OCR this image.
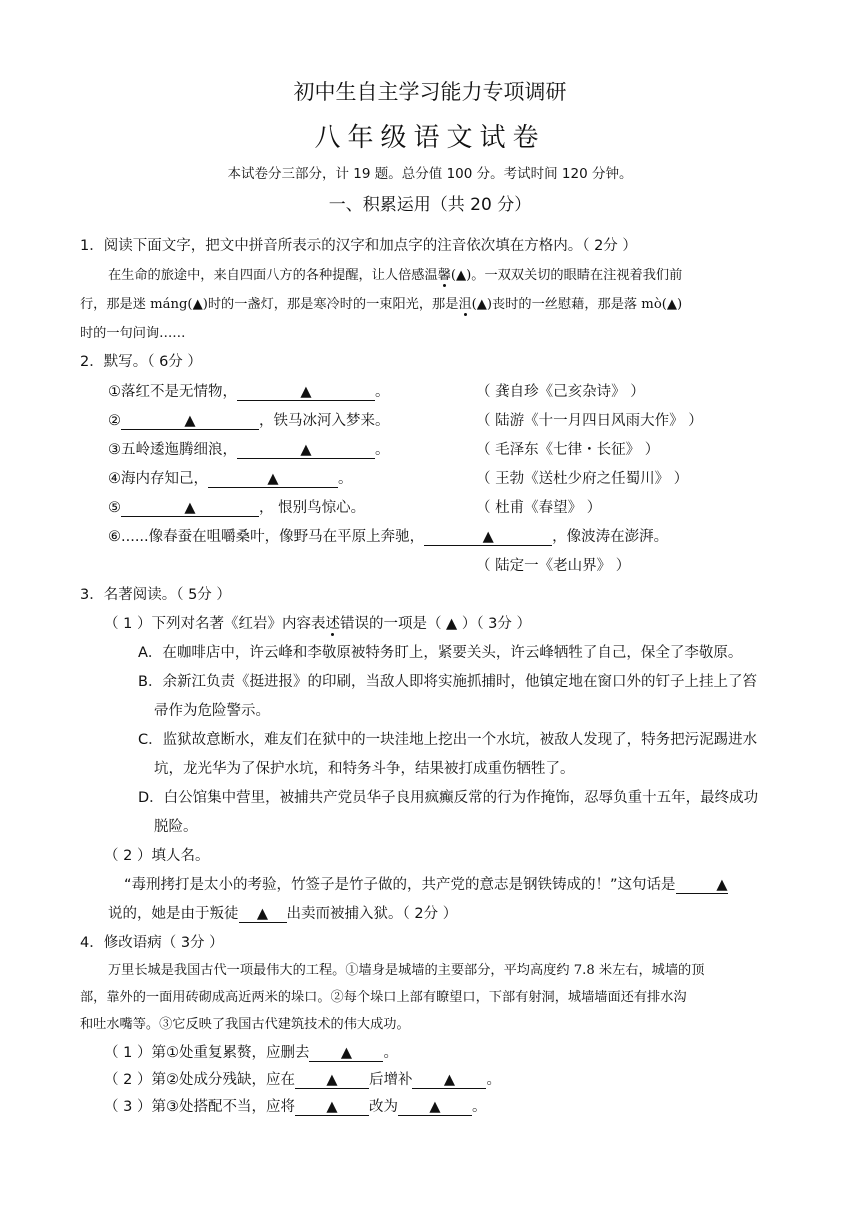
初中生自主学习能力专项调研
八年级语文试卷
本试卷分三部分，计 19 题。总分值 100 分。考试时间 120 分钟。
一、积累运用（共 20 分）
1．阅读下面文字，把文中拼音所表示的汉字和加点字的注音依次填在方格内。（ 2分 ）
在生命的旅途中，来自四面八方的各种提醒，让人倍感温馨(▲)。一双双关切的眼睛在注视着我们前
行，那是迷 máng(▲)时的一盏灯，那是寒冷时的一束阳光，那是沮(▲)丧时的一丝慰藉，那是落 mò(▲)
时的一句问询……
2．默写。（ 6分 ）
①落红不是无情物，	▲	。	（ 龚自珍《己亥杂诗》 ）
②	▲	，铁马冰河入梦来。	（ 陆游《十一月四日风雨大作》 ）
③五岭逶迤腾细浪，	▲	。	（ 毛泽东《七律・长征》 ）
④海内存知己，	▲	。	（ 王勃《送杜少府之任蜀川》 ）
⑤	▲	， 恨别鸟惊心。	（ 杜甫《春望》 ）
⑥......像春蚕在咀嚼桑叶，像野马在平原上奔驰，	▲	，像波涛在澎湃。
（ 陆定一《老山界》 ）
3．名著阅读。（ 5分 ）
（ 1 ）下列对名著《红岩》内容表述错误的一项是（ ▲ ）（ 3分 ）
A．在咖啡店中，许云峰和李敬原被特务盯上，紧要关头，许云峰牺牲了自己，保全了李敬原。
B．余新江负责《挺进报》的印刷，当敌人即将实施抓捕时，他镇定地在窗口外的钉子上挂上了笞
帚作为危险警示。
C．监狱故意断水，难友们在狱中的一块洼地上挖出一个水坑，被敌人发现了，特务把污泥踢进水
坑，龙光华为了保护水坑，和特务斗争，结果被打成重伤牺牲了。
D．白公馆集中营里，被捕共产党员华子良用疯癫反常的行为作掩饰，忍辱负重十五年，最终成功
脱险。
（ 2 ）填人名。
“毒刑拷打是太小的考验，竹签子是竹子做的，共产党的意志是钢铁铸成的！”这句话是	▲
说的，她是由于叛徒 ▲ 出卖而被捕入狱。（ 2分 ）
4．修改语病（ 3分 ）
万里长城是我国古代一项最伟大的工程。①墙身是城墙的主要部分，平均高度约 7.8 米左右，城墙的顶
部，靠外的一面用砖砌成高近两米的垛口。②每个垛口上部有瞭望口，下部有射洞，城墙墙面还有排水沟
和吐水嘴等。③它反映了我国古代建筑技术的伟大成功。
（ 1 ）第①处重复累赘，应删去 ▲ 。
（ 2 ）第②处成分残缺，应在 ▲ 后增补 ▲ 。
（ 3 ）第③处搭配不当，应将 ▲ 改为 ▲ 。
